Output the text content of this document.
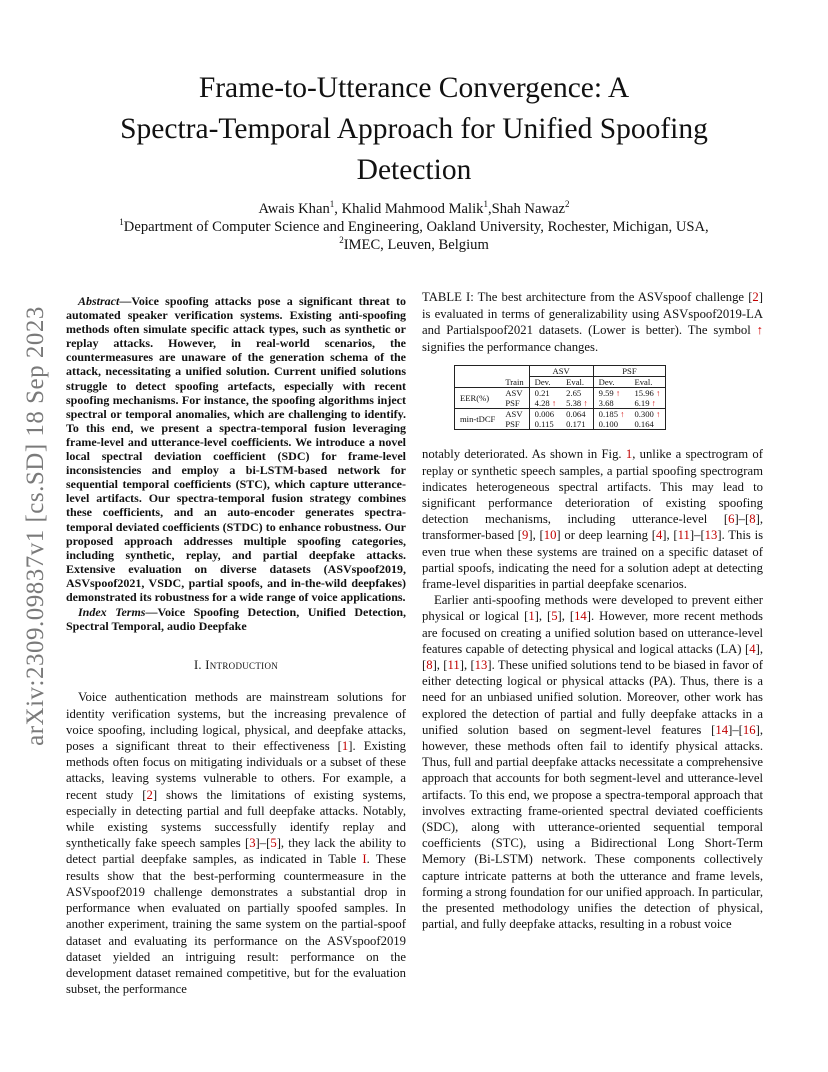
Frame-to-Utterance Convergence: A
Spectra-Temporal Approach for Unified Spoofing
Detection
Awais Khan$^1$, Khalid Mahmood Malik$^1$,Shah Nawaz$^2$
$^1$Department of Computer Science and Engineering, Oakland University, Rochester, Michigan, USA,
$^2$IMEC, Leuven, Belgium
arXiv:2309.09837v1 [cs.SD] 18 Sep 2023

Abstract—Voice spoofing attacks pose a significant threat to automated speaker verification systems. Existing anti-spoofing methods often simulate specific attack types, such as synthetic or replay attacks. However, in real-world scenarios, the countermeasures are unaware of the generation schema of the attack, necessitating a unified solution. Current unified solutions struggle to detect spoofing artefacts, especially with recent spoofing mechanisms. For instance, the spoofing algorithms inject spectral or temporal anomalies, which are challenging to identify. To this end, we present a spectra-temporal fusion leveraging frame-level and utterance-level coefficients. We introduce a novel local spectral deviation coefficient (SDC) for frame-level inconsistencies and employ a bi-LSTM-based network for sequential temporal coefficients (STC), which capture utterance-level artifacts. Our spectra-temporal fusion strategy combines these coefficients, and an auto-encoder generates spectra-temporal deviated coefficients (STDC) to enhance robustness. Our proposed approach addresses multiple spoofing categories, including synthetic, replay, and partial deepfake attacks. Extensive evaluation on diverse datasets (ASVspoof2019, ASVspoof2021, VSDC, partial spoofs, and in-the-wild deepfakes) demonstrated its robustness for a wide range of voice applications.

Index Terms—Voice Spoofing Detection, Unified Detection, Spectral Temporal, audio Deepfake

I. Introduction

Voice authentication methods are mainstream solutions for identity verification systems, but the increasing prevalence of voice spoofing, including logical, physical, and deepfake attacks, poses a significant threat to their effectiveness [1]. Existing methods often focus on mitigating individuals or a subset of these attacks, leaving systems vulnerable to others. For example, a recent study [2] shows the limitations of existing systems, especially in detecting partial and full deepfake attacks. Notably, while existing systems successfully identify replay and synthetically fake speech samples [3]–[5], they lack the ability to detect partial deepfake samples, as indicated in Table I. These results show that the best-performing countermeasure in the ASVspoof2019 challenge demonstrates a substantial drop in performance when evaluated on partially spoofed samples. In another experiment, training the same system on the partial-spoof dataset and evaluating its performance on the ASVspoof2019 dataset yielded an intriguing result: performance on the development dataset remained competitive, but for the evaluation subset, the performance

TABLE I: The best architecture from the ASVspoof challenge [2] is evaluated in terms of generalizability using ASVspoof2019-LA and Partialspoof2021 datasets. (Lower is better). The symbol ↑ signifies the performance changes.

		ASV		PSF	
	Train	Dev.	Eval.	Dev.	Eval.
EER(%)	ASV	0.21	2.65	9.59 ↑	15.96 ↑
	PSF	4.28 ↑	5.38 ↑	3.68	6.19 ↑
min-tDCF	ASV	0.006	0.064	0.185 ↑	0.300 ↑
	PSF	0.115	0.171	0.100	0.164

notably deteriorated. As shown in Fig. 1, unlike a spectrogram of replay or synthetic speech samples, a partial spoofing spectrogram indicates heterogeneous spectral artifacts. This may lead to significant performance deterioration of existing spoofing detection mechanisms, including utterance-level [6]–[8], transformer-based [9], [10] or deep learning [4], [11]–[13]. This is even true when these systems are trained on a specific dataset of partial spoofs, indicating the need for a solution adept at detecting frame-level disparities in partial deepfake scenarios.

Earlier anti-spoofing methods were developed to prevent either physical or logical [1], [5], [14]. However, more recent methods are focused on creating a unified solution based on utterance-level features capable of detecting physical and logical attacks (LA) [4], [8], [11], [13]. These unified solutions tend to be biased in favor of either detecting logical or physical attacks (PA). Thus, there is a need for an unbiased unified solution. Moreover, other work has explored the detection of partial and fully deepfake attacks in a unified solution based on segment-level features [14]–[16], however, these methods often fail to identify physical attacks. Thus, full and partial deepfake attacks necessitate a comprehensive approach that accounts for both segment-level and utterance-level artifacts. To this end, we propose a spectra-temporal approach that involves extracting frame-oriented spectral deviated coefficients (SDC), along with utterance-oriented sequential temporal coefficients (STC), using a Bidirectional Long Short-Term Memory (Bi-LSTM) network. These components collectively capture intricate patterns at both the utterance and frame levels, forming a strong foundation for our unified approach. In particular, the presented methodology unifies the detection of physical, partial, and fully deepfake attacks, resulting in a robust voice
